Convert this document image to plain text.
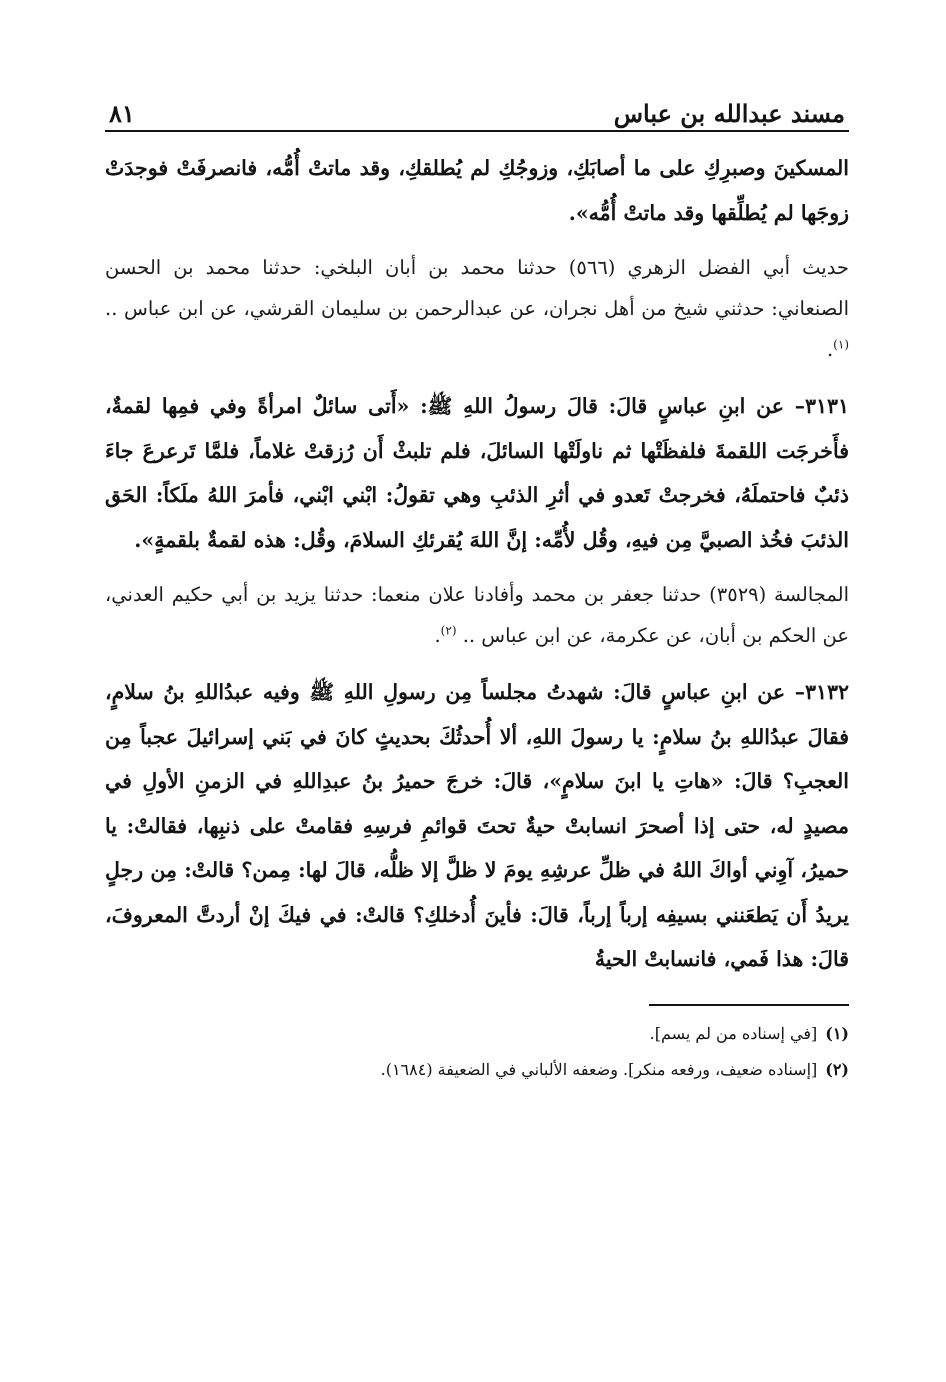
مسند عبدالله بن عباس
٨١

المسكينَ وصبرِكِ على ما أصابَكِ، وزوجُكِ لم يُطلقكِ، وقد ماتتْ أُمُّه، فانصرفَتْ فوجدَتْ زوجَها لم يُطلِّقها وقد ماتتْ أُمُّه».

حديث أبي الفضل الزهري (٥٦٦) حدثنا محمد بن أبان البلخي: حدثنا محمد بن الحسن الصنعاني: حدثني شيخ من أهل نجران، عن عبدالرحمن بن سليمان القرشي، عن ابن عباس .. $^{(١)}$.

٣١٣١– عن ابنِ عباسٍ قالَ: قالَ رسولُ اللهِ ﷺ: «أَتى سائلٌ امرأةً وفي فمِها لقمةٌ، فأَخرجَت اللقمةَ فلفظَتْها ثم ناولَتْها السائلَ، فلم تلبثْ أَن رُزقتْ غلاماً، فلمَّا تَرعرعَ جاءَ ذئبٌ فاحتملَهُ، فخرجتْ تَعدو في أثرِ الذئبِ وهي تقولُ: ابْني ابْني، فأمرَ اللهُ ملَكاً: الحَق الذئبَ فخُذ الصبيَّ مِن فيهِ، وقُل لأُمِّه: إنَّ اللهَ يُقرئكِ السلامَ، وقُل: هذه لقمةٌ بلقمةٍ».

المجالسة (٣٥٢٩) حدثنا جعفر بن محمد وأفادنا علان منعما: حدثنا يزيد بن أبي حكيم العدني، عن الحكم بن أبان، عن عكرمة، عن ابن عباس .. $^{(٢)}$.

٣١٣٢– عن ابنِ عباسٍ قالَ: شهدتُ مجلساً مِن رسولِ اللهِ ﷺ وفيه عبدُاللهِ بنُ سلامٍ، فقالَ عبدُاللهِ بنُ سلامٍ: يا رسولَ اللهِ، ألا أُحدثُكَ بحديثٍ كانَ في بَني إسرائيلَ عجباً مِن العجبِ؟ قالَ: «هاتِ يا ابنَ سلامٍ»، قالَ: خرجَ حميرُ بنُ عبدِاللهِ في الزمنِ الأولِ في مصيدٍ له، حتى إذا أصحرَ انسابتْ حيةٌ تحتَ قوائمِ فرسِهِ فقامتْ على ذنبِها، فقالتْ: يا حميرُ، آوِني أواكَ اللهُ في ظلِّ عرشِهِ يومَ لا ظلَّ إلا ظلُّه، قالَ لها: مِمن؟ قالتْ: مِن رجلٍ يريدُ أَن يَطعَنني بسيفِه إرباً إرباً، قالَ: فأينَ أُدخلكِ؟ قالتْ: في فيكَ إنْ أردتَّ المعروفَ، قالَ: هذا فَمي، فانسابتْ الحيةُ

(١)[في إسناده من لم يسم].
(٢)[إسناده ضعيف، ورفعه منكر]. وضعفه الألباني في الضعيفة (١٦٨٤).
